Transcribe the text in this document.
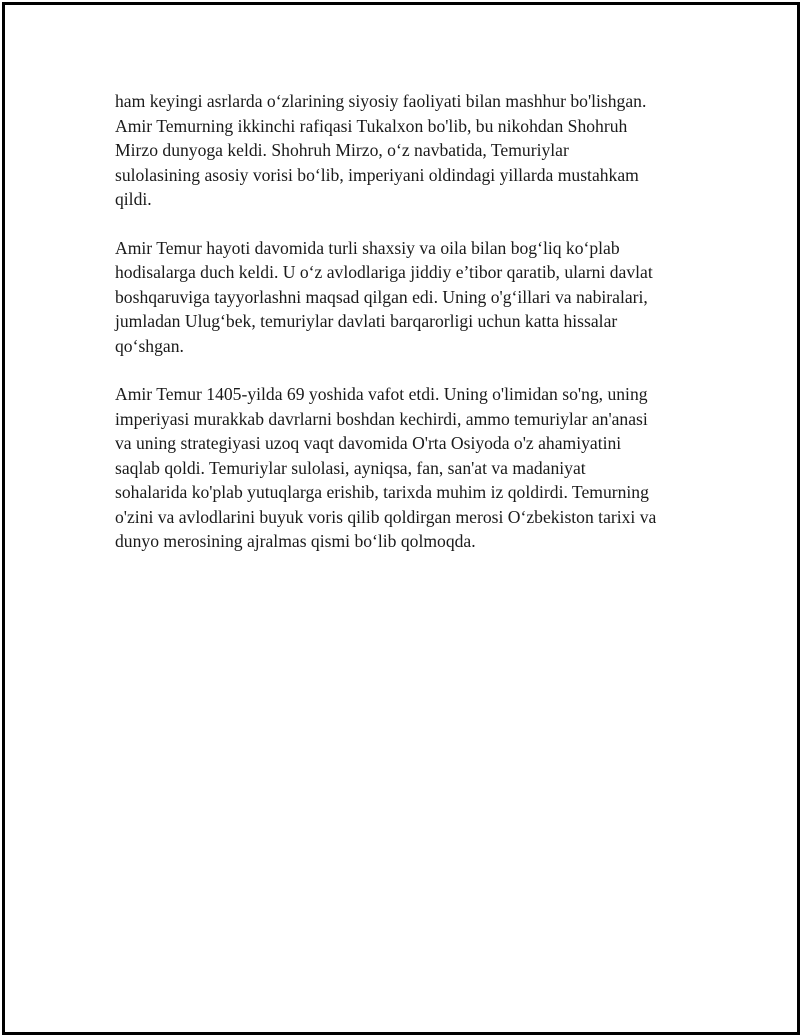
ham keyingi asrlarda o‘zlarining siyosiy faoliyati bilan mashhur bo'lishgan.
Amir Temurning ikkinchi rafiqasi Tukalxon bo'lib, bu nikohdan Shohruh
Mirzo dunyoga keldi. Shohruh Mirzo, o‘z navbatida, Temuriylar
sulolasining asosiy vorisi bo‘lib, imperiyani oldindagi yillarda mustahkam
qildi.

Amir Temur hayoti davomida turli shaxsiy va oila bilan bog‘liq ko‘plab
hodisalarga duch keldi. U o‘z avlodlariga jiddiy e’tibor qaratib, ularni davlat
boshqaruviga tayyorlashni maqsad qilgan edi. Uning o'g‘illari va nabiralari,
jumladan Ulug‘bek, temuriylar davlati barqarorligi uchun katta hissalar
qo‘shgan.

Amir Temur 1405-yilda 69 yoshida vafot etdi. Uning o'limidan so'ng, uning
imperiyasi murakkab davrlarni boshdan kechirdi, ammo temuriylar an'anasi
va uning strategiyasi uzoq vaqt davomida O'rta Osiyoda o'z ahamiyatini
saqlab qoldi. Temuriylar sulolasi, ayniqsa, fan, san'at va madaniyat
sohalarida ko'plab yutuqlarga erishib, tarixda muhim iz qoldirdi. Temurning
o'zini va avlodlarini buyuk voris qilib qoldirgan merosi O‘zbekiston tarixi va
dunyo merosining ajralmas qismi bo‘lib qolmoqda.
